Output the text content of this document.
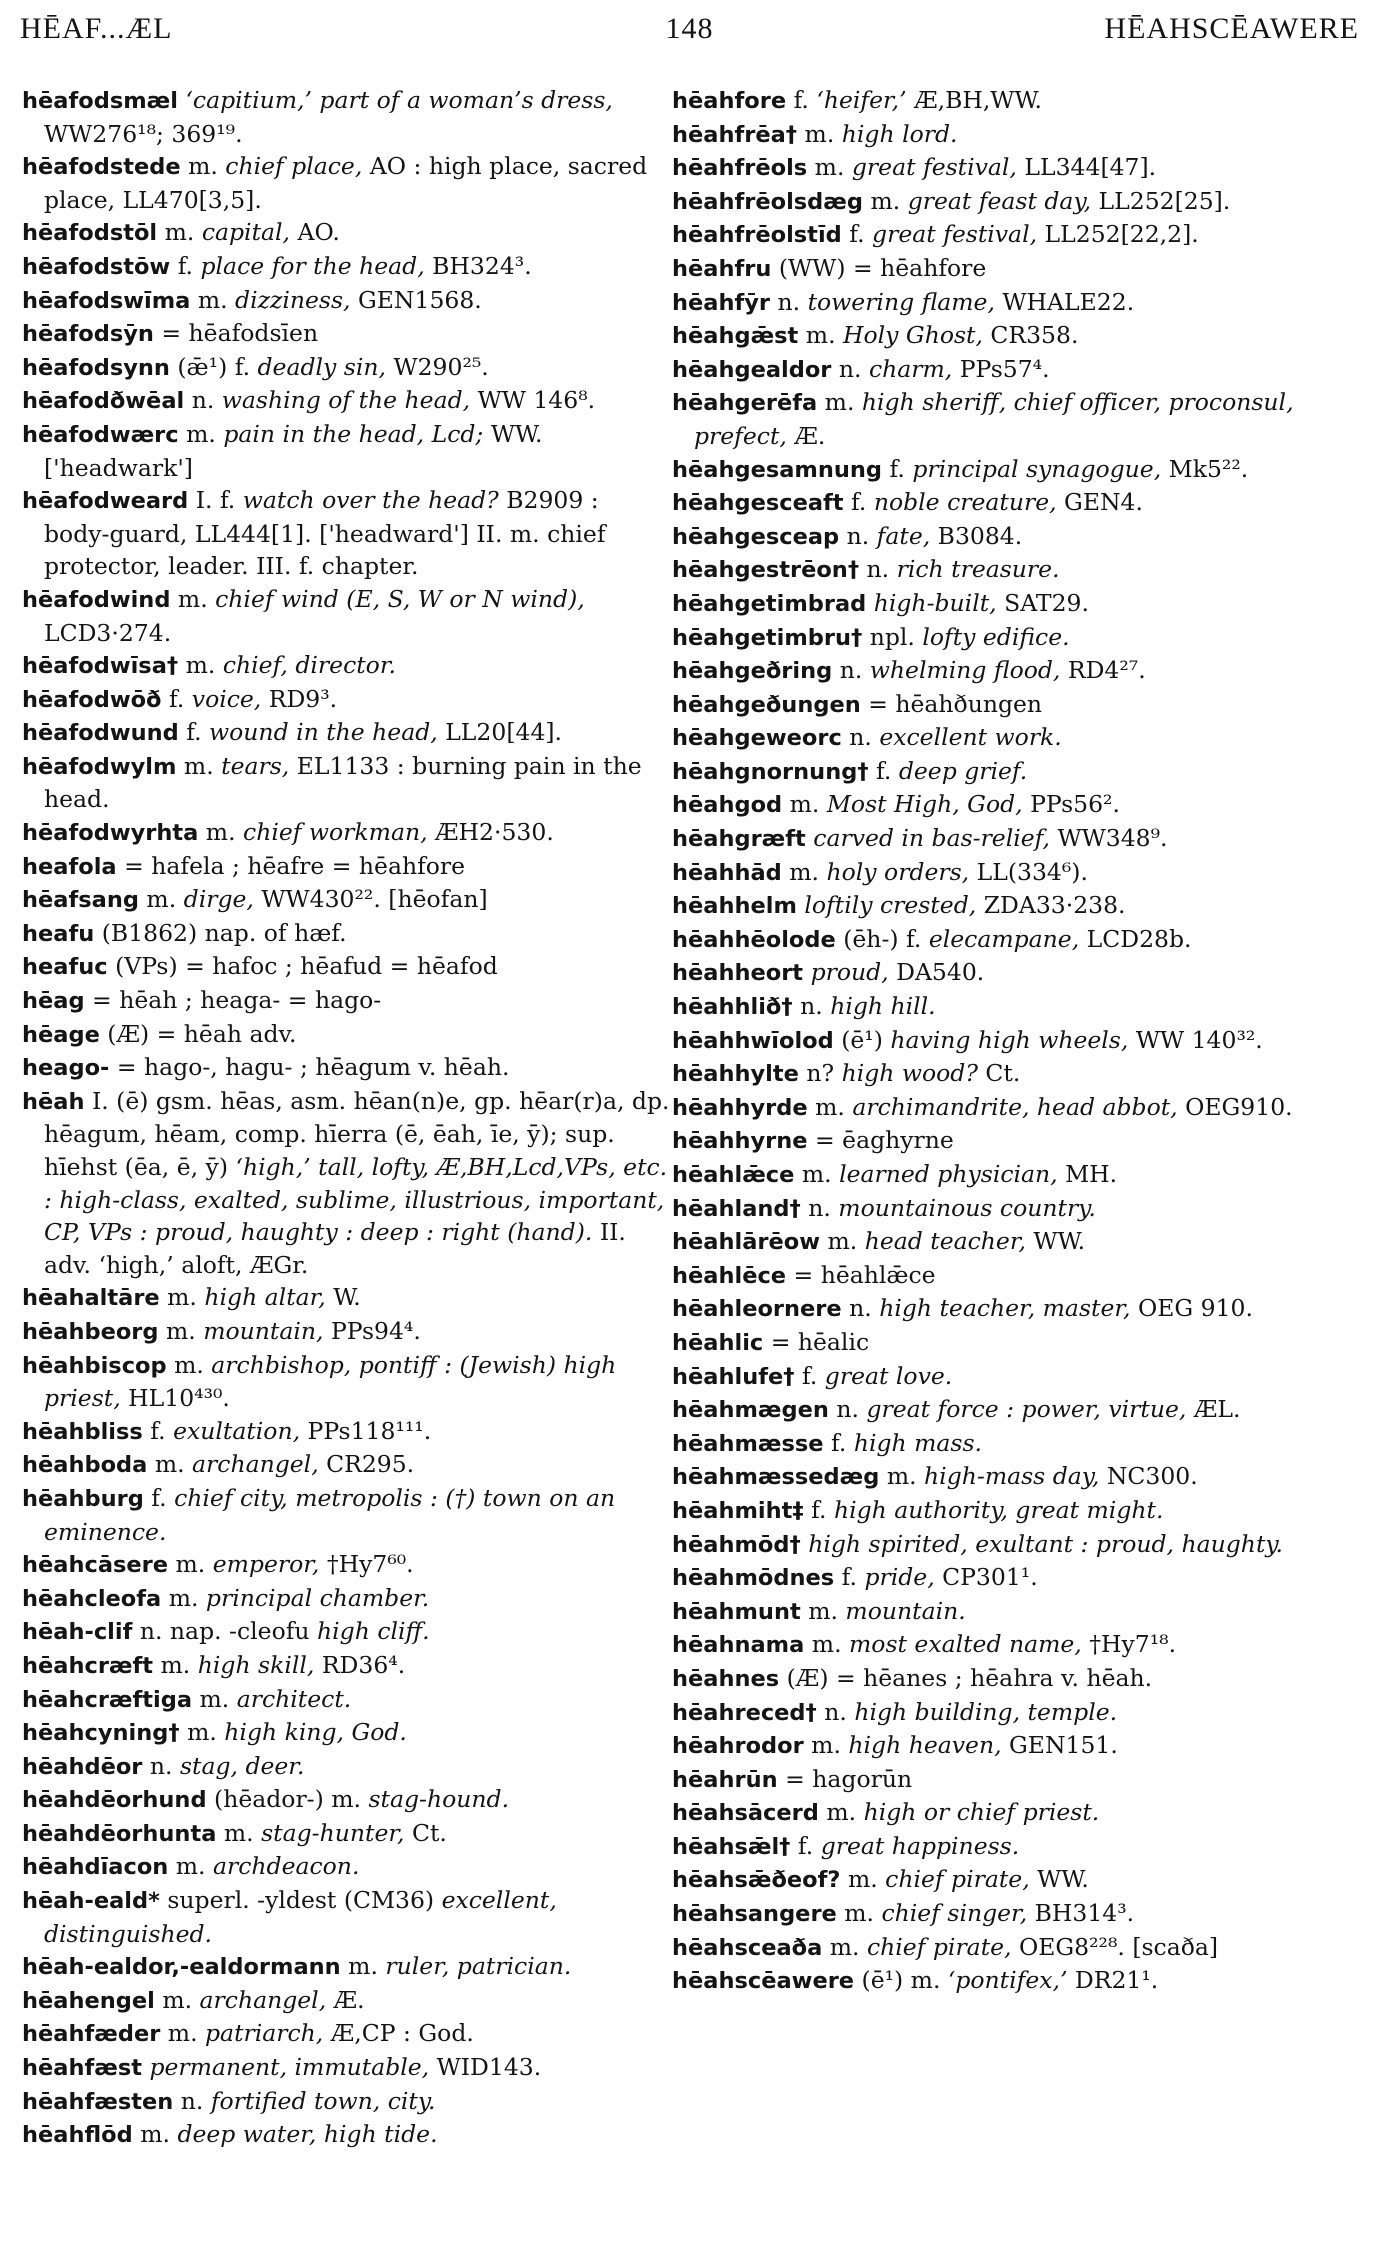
HĒAF...ÆL	148	HĒAHSCĒAWERE

hēafodsmæl ‘capitium,’ part of a woman’s dress, WW276¹⁸; 369¹⁹.

hēafodstede m. chief place, AO : high place, sacred place, LL470[3,5].

hēafodstōl m. capital, AO.

hēafodstōw f. place for the head, BH324³.

hēafodswīma m. dizziness, GEN1568.

hēafodsȳn = hēafodsīen

hēafodsynn (ǣ¹) f. deadly sin, W290²⁵.

hēafodðwēal n. washing of the head, WW 146⁸.

hēafodwærc m. pain in the head, Lcd; WW. ['headwark']

hēafodweard I. f. watch over the head? B2909 : body-guard, LL444[1]. ['headward'] II. m. chief protector, leader. III. f. chapter.

hēafodwind m. chief wind (E, S, W or N wind), LCD3·274.

hēafodwīsa† m. chief, director.

hēafodwōð f. voice, RD9³.

hēafodwund f. wound in the head, LL20[44].

hēafodwylm m. tears, EL1133 : burning pain in the head.

hēafodwyrhta m. chief workman, ÆH2·530.

heafola = hafela ; hēafre = hēahfore

hēafsang m. dirge, WW430²². [hēofan]

heafu (B1862) nap. of hæf.

heafuc (VPs) = hafoc ; hēafud = hēafod

hēag = hēah ; heaga- = hago-

hēage (Æ) = hēah adv.

heago- = hago-, hagu- ; hēagum v. hēah.

hēah I. (ē) gsm. hēas, asm. hēan(n)e, gp. hēar(r)a, dp. hēagum, hēam, comp. hīerra (ē, ēah, īe, ȳ); sup. hīehst (ēa, ē, ȳ) ‘high,’ tall, lofty, Æ,BH,Lcd,VPs, etc. : high-class, exalted, sublime, illustrious, important, CP, VPs : proud, haughty : deep : right (hand). II. adv. ‘high,’ aloft, ÆGr.

hēahaltāre m. high altar, W.

hēahbeorg m. mountain, PPs94⁴.

hēahbiscop m. archbishop, pontiff : (Jewish) high priest, HL10⁴³⁰.

hēahbliss f. exultation, PPs118¹¹¹.

hēahboda m. archangel, CR295.

hēahburg f. chief city, metropolis : (†) town on an eminence.

hēahcāsere m. emperor, †Hy7⁶⁰.

hēahcleofa m. principal chamber.

hēah-clif n. nap. -cleofu high cliff.

hēahcræft m. high skill, RD36⁴.

hēahcræftiga m. architect.

hēahcyning† m. high king, God.

hēahdēor n. stag, deer.

hēahdēorhund (hēador-) m. stag-hound.

hēahdēorhunta m. stag-hunter, Ct.

hēahdīacon m. archdeacon.

hēah-eald* superl. -yldest (CM36) excellent, distinguished.

hēah-ealdor,-ealdormann m. ruler, patrician.

hēahengel m. archangel, Æ.

hēahfæder m. patriarch, Æ,CP : God.

hēahfæst permanent, immutable, WID143.

hēahfæsten n. fortified town, city.

hēahflōd m. deep water, high tide.

hēahfore f. ‘heifer,’ Æ,BH,WW.

hēahfrēa† m. high lord.

hēahfrēols m. great festival, LL344[47].

hēahfrēolsdæg m. great feast day, LL252[25].

hēahfrēolstīd f. great festival, LL252[22,2].

hēahfru (WW) = hēahfore

hēahfȳr n. towering flame, WHALE22.

hēahgǣst m. Holy Ghost, CR358.

hēahgealdor n. charm, PPs57⁴.

hēahgerēfa m. high sheriff, chief officer, proconsul, prefect, Æ.

hēahgesamnung f. principal synagogue, Mk5²².

hēahgesceaft f. noble creature, GEN4.

hēahgesceap n. fate, B3084.

hēahgestrēon† n. rich treasure.

hēahgetimbrad high-built, SAT29.

hēahgetimbru† npl. lofty edifice.

hēahgeðring n. whelming flood, RD4²⁷.

hēahgeðungen = hēahðungen

hēahgeweorc n. excellent work.

hēahgnornung† f. deep grief.

hēahgod m. Most High, God, PPs56².

hēahgræft carved in bas-relief, WW348⁹.

hēahhād m. holy orders, LL(334⁶).

hēahhelm loftily crested, ZDA33·238.

hēahhēolode (ēh-) f. elecampane, LCD28b.

hēahheort proud, DA540.

hēahhlið† n. high hill.

hēahhwīolod (ē¹) having high wheels, WW 140³².

hēahhylte n? high wood? Ct.

hēahhyrde m. archimandrite, head abbot, OEG910.

hēahhyrne = ēaghyrne

hēahlǣce m. learned physician, MH.

hēahland† n. mountainous country.

hēahlārēow m. head teacher, WW.

hēahlēce = hēahlǣce

hēahleornere n. high teacher, master, OEG 910.

hēahlic = hēalic

hēahlufe† f. great love.

hēahmægen n. great force : power, virtue, ÆL.

hēahmæsse f. high mass.

hēahmæssedæg m. high-mass day, NC300.

hēahmiht‡ f. high authority, great might.

hēahmōd† high spirited, exultant : proud, haughty.

hēahmōdnes f. pride, CP301¹.

hēahmunt m. mountain.

hēahnama m. most exalted name, †Hy7¹⁸.

hēahnes (Æ) = hēanes ; hēahra v. hēah.

hēahreced† n. high building, temple.

hēahrodor m. high heaven, GEN151.

hēahrūn = hagorūn

hēahsācerd m. high or chief priest.

hēahsǣl† f. great happiness.

hēahsǣðeof? m. chief pirate, WW.

hēahsangere m. chief singer, BH314³.

hēahsceaða m. chief pirate, OEG8²²⁸. [scaða]

hēahscēawere (ē¹) m. ‘pontifex,’ DR21¹.
